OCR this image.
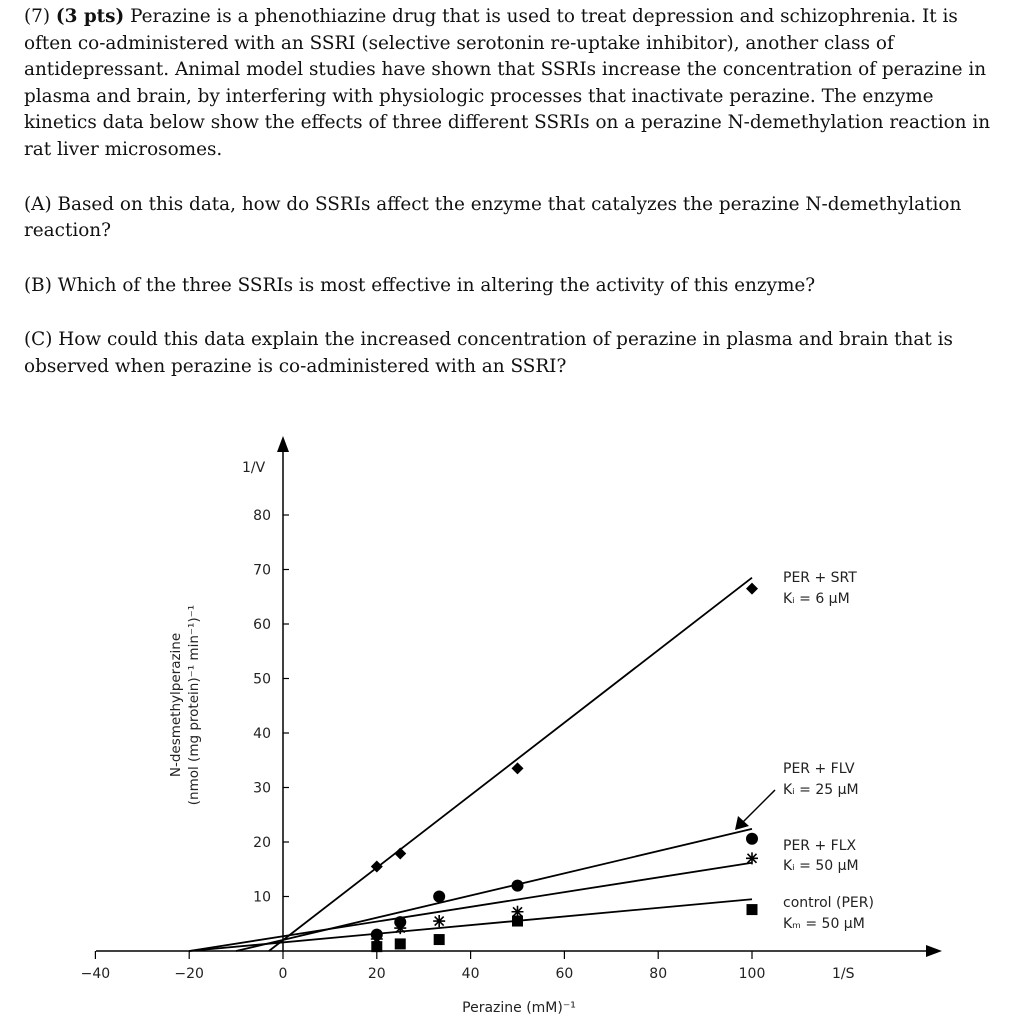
(7) (3 pts) Perazine is a phenothiazine drug that is used to treat depression and schizophrenia. It is often co-administered with an SSRI (selective serotonin re-uptake inhibitor), another class of antidepressant. Animal model studies have shown that SSRIs increase the concentration of perazine in plasma and brain, by interfering with physiologic processes that inactivate perazine. The enzyme kinetics data below show the effects of three different SSRIs on a perazine N-demethylation reaction in rat liver microsomes.

(A) Based on this data, how do SSRIs affect the enzyme that catalyzes the perazine N-demethylation reaction?

(B) Which of the three SSRIs is most effective in altering the activity of this enzyme?

(C) How could this data explain the increased concentration of perazine in plasma and brain that is observed when perazine is co-administered with an SSRI?

−40	−20	0	20	40	60	80	100
10
20
30
40
50
60
70
80
1/V
1/S
Perazine (mM)⁻¹
N-desmethylperazine (nmol (mg protein)⁻¹ min⁻¹)⁻¹
PER + SRT
Kᵢ = 6 μM
PER + FLV
Kᵢ = 25 μM
PER + FLX
Kᵢ = 50 μM
control (PER)
Kₘ = 50 μM
